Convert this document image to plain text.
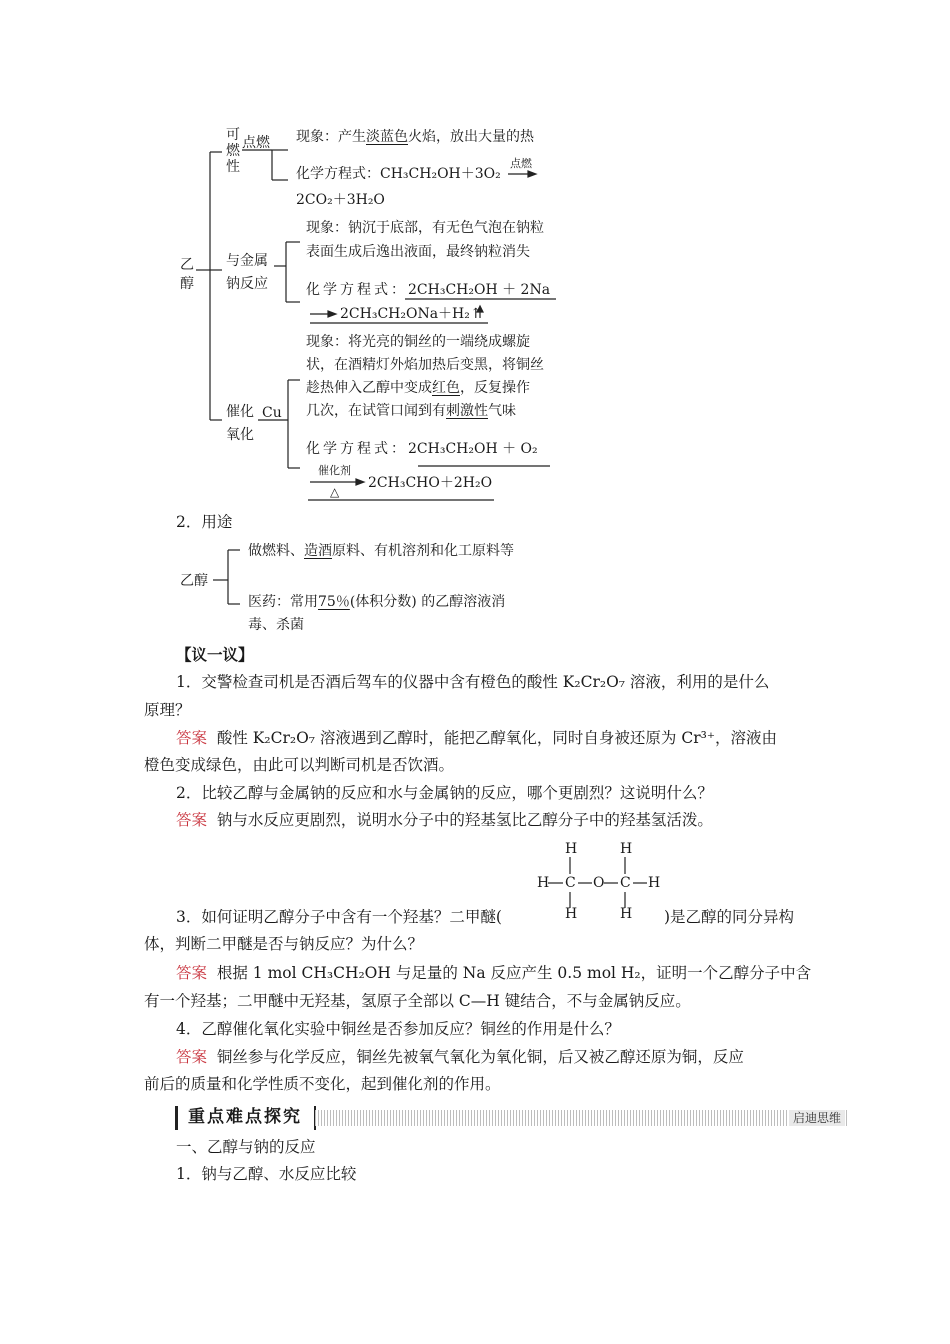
乙醇
可
燃
性
点燃 现象：产生淡蓝色火焰，放出大量的热
化学方程式：CH₃CH₂OH＋3O₂
点燃
2CO₂＋3H₂O
与金属
钠反应
现象：钠沉于底部，有无色气泡在钠粒
表面生成后逸出液面，最终钠粒消失
化学方程式：2CH₃CH₂OH ＋ 2Na
2CH₃CH₂ONa＋H₂↑
催化
氧化
Cu
现象：将光亮的铜丝的一端绕成螺旋
状，在酒精灯外焰加热后变黑，将铜丝
趁热伸入乙醇中变成红色，反复操作
几次，在试管口闻到有刺激性气味
化学方程式：2CH₃CH₂OH ＋ O₂
催化剂
△
2CH₃CHO＋2H₂O
2．用途
乙醇
做燃料、造酒原料、有机溶剂和化工原料等
医药：常用75％(体积分数) 的乙醇溶液消
毒、杀菌
【议一议】
1．交警检查司机是否酒后驾车的仪器中含有橙色的酸性 K₂Cr₂O₇ 溶液，利用的是什么
原理？
答案 酸性 K₂Cr₂O₇ 溶液遇到乙醇时，能把乙醇氧化，同时自身被还原为 Cr³⁺，溶液由
橙色变成绿色，由此可以判断司机是否饮酒。
2．比较乙醇与金属钠的反应和水与金属钠的反应，哪个更剧烈？这说明什么？
答案 钠与水反应更剧烈，说明水分子中的羟基氢比乙醇分子中的羟基氢活泼。
H	H
H C O C H
H	H
3．如何证明乙醇分子中含有一个羟基？二甲醚(	)是乙醇的同分异构
体，判断二甲醚是否与钠反应？为什么？
答案 根据 1 mol CH₃CH₂OH 与足量的 Na 反应产生 0.5 mol H₂，证明一个乙醇分子中含
有一个羟基；二甲醚中无羟基，氢原子全部以 C—H 键结合，不与金属钠反应。
4．乙醇催化氧化实验中铜丝是否参加反应？铜丝的作用是什么？
答案 铜丝参与化学反应，铜丝先被氧气氧化为氧化铜，后又被乙醇还原为铜，反应
前后的质量和化学性质不变化，起到催化剂的作用。
重点难点探究	启迪思维
一、乙醇与钠的反应
1．钠与乙醇、水反应比较
